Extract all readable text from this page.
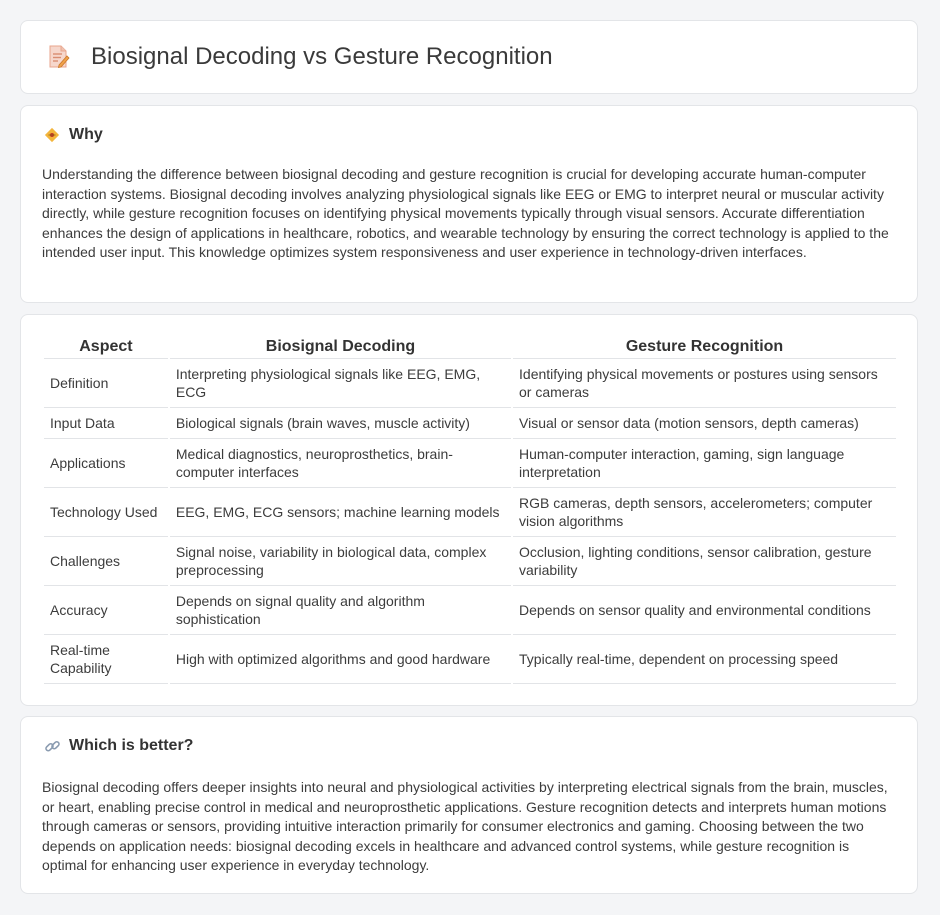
Biosignal Decoding vs Gesture Recognition
Why
Understanding the difference between biosignal decoding and gesture recognition is crucial for developing accurate human-computer interaction systems. Biosignal decoding involves analyzing physiological signals like EEG or EMG to interpret neural or muscular activity directly, while gesture recognition focuses on identifying physical movements typically through visual sensors. Accurate differentiation enhances the design of applications in healthcare, robotics, and wearable technology by ensuring the correct technology is applied to the intended user input. This knowledge optimizes system responsiveness and user experience in technology-driven interfaces.
Aspect	Biosignal Decoding	Gesture Recognition
Definition	Interpreting physiological signals like EEG, EMG, ECG	Identifying physical movements or postures using sensors or cameras
Input Data	Biological signals (brain waves, muscle activity)	Visual or sensor data (motion sensors, depth cameras)
Applications	Medical diagnostics, neuroprosthetics, brain-computer interfaces	Human-computer interaction, gaming, sign language interpretation
Technology Used	EEG, EMG, ECG sensors; machine learning models	RGB cameras, depth sensors, accelerometers; computer vision algorithms
Challenges	Signal noise, variability in biological data, complex preprocessing	Occlusion, lighting conditions, sensor calibration, gesture variability
Accuracy	Depends on signal quality and algorithm sophistication	Depends on sensor quality and environmental conditions
Real-time Capability	High with optimized algorithms and good hardware	Typically real-time, dependent on processing speed
Which is better?
Biosignal decoding offers deeper insights into neural and physiological activities by interpreting electrical signals from the brain, muscles, or heart, enabling precise control in medical and neuroprosthetic applications. Gesture recognition detects and interprets human motions through cameras or sensors, providing intuitive interaction primarily for consumer electronics and gaming. Choosing between the two depends on application needs: biosignal decoding excels in healthcare and advanced control systems, while gesture recognition is optimal for enhancing user experience in everyday technology.
